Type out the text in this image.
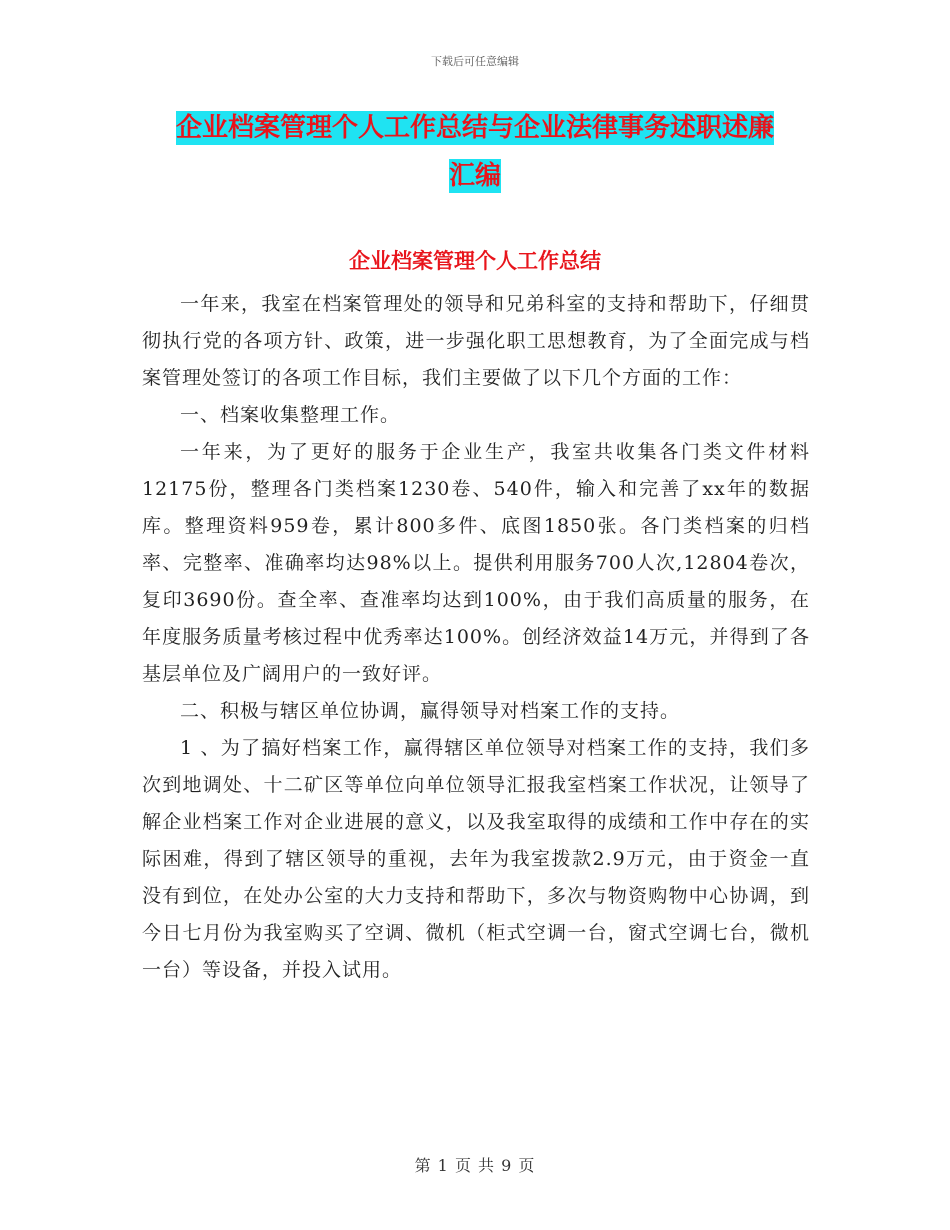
下载后可任意编辑
企业档案管理个人工作总结与企业法律事务述职述廉
汇编
企业档案管理个人工作总结

一年来，我室在档案管理处的领导和兄弟科室的支持和帮助下，仔细贯彻执行党的各项方针、政策，进一步强化职工思想教育，为了全面完成与档案管理处签订的各项工作目标，我们主要做了以下几个方面的工作：

一、档案收集整理工作。

一年来，为了更好的服务于企业生产，我室共收集各门类文件材料12175份，整理各门类档案1230卷、540件，输入和完善了xx年的数据库。整理资料959卷，累计800多件、底图1850张。各门类档案的归档率、完整率、准确率均达98%以上。提供利用服务700人次,12804卷次，复印3690份。查全率、查准率均达到100%，由于我们高质量的服务，在年度服务质量考核过程中优秀率达100%。创经济效益14万元，并得到了各基层单位及广阔用户的一致好评。

二、积极与辖区单位协调，赢得领导对档案工作的支持。

1 、为了搞好档案工作，赢得辖区单位领导对档案工作的支持，我们多次到地调处、十二矿区等单位向单位领导汇报我室档案工作状况，让领导了解企业档案工作对企业进展的意义，以及我室取得的成绩和工作中存在的实际困难，得到了辖区领导的重视，去年为我室拨款2.9万元，由于资金一直没有到位，在处办公室的大力支持和帮助下，多次与物资购物中心协调，到今日七月份为我室购买了空调、微机（柜式空调一台，窗式空调七台，微机一台）等设备，并投入试用。

第 1 页 共 9 页
